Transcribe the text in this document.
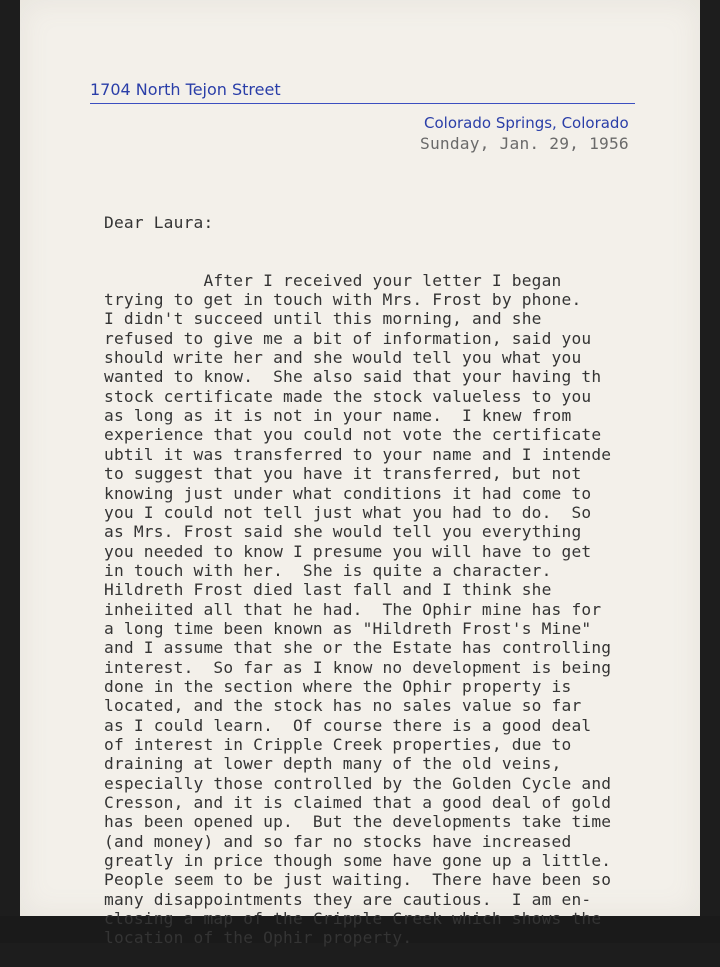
1704 North Tejon Street
Colorado Springs, Colorado
Sunday, Jan. 29, 1956

Dear Laura:

After I received your letter I began
trying to get in touch with Mrs. Frost by phone.
I didn't succeed until this morning, and she
refused to give me a bit of information, said you
should write her and she would tell you what you
wanted to know.  She also said that your having th
stock certificate made the stock valueless to you
as long as it is not in your name.  I knew from
experience that you could not vote the certificate
ubtil it was transferred to your name and I intende
to suggest that you have it transferred, but not
knowing just under what conditions it had come to
you I could not tell just what you had to do.  So
as Mrs. Frost said she would tell you everything
you needed to know I presume you will have to get
in touch with her.  She is quite a character.
Hildreth Frost died last fall and I think she
inheiited all that he had.  The Ophir mine has for
a long time been known as "Hildreth Frost's Mine"
and I assume that she or the Estate has controlling
interest.  So far as I know no development is being
done in the section where the Ophir property is
located, and the stock has no sales value so far
as I could learn.  Of course there is a good deal
of interest in Cripple Creek properties, due to
draining at lower depth many of the old veins,
especially those controlled by the Golden Cycle and
Cresson, and it is claimed that a good deal of gold
has been opened up.  But the developments take time
(and money) and so far no stocks have increased
greatly in price though some have gone up a little.
People seem to be just waiting.  There have been so
many disappointments they are cautious.  I am en-
closing a map of the Cripple Creek which shows the
location of the Ophir property.
